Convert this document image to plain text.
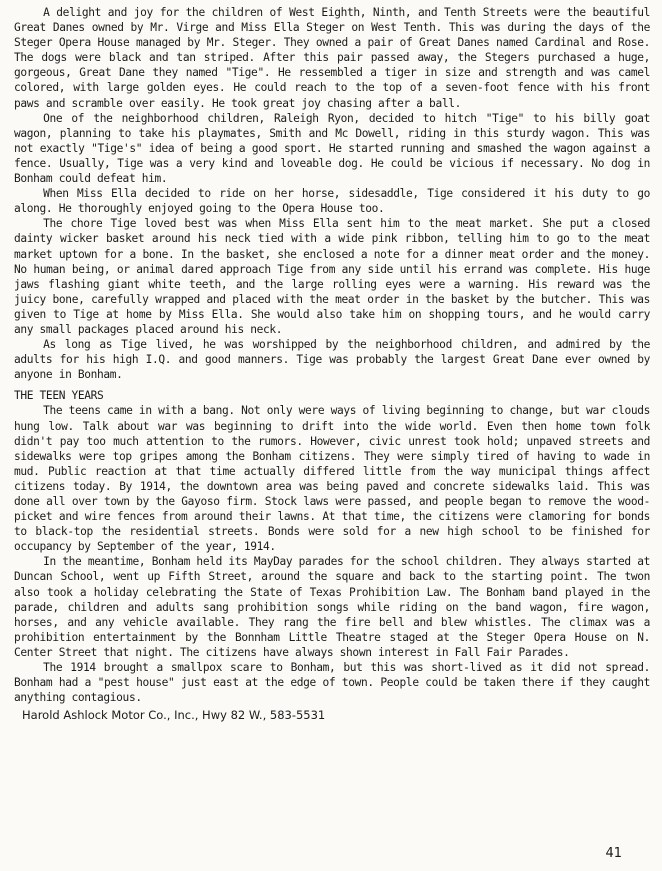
A delight and joy for the children of West Eighth, Ninth, and Tenth Streets were the beautiful Great Danes owned by Mr. Virge and Miss Ella Steger on West Tenth. This was during the days of the Steger Opera House managed by Mr. Steger. They owned a pair of Great Danes named Cardinal and Rose. The dogs were black and tan striped. After this pair passed away, the Stegers purchased a huge, gorgeous, Great Dane they named "Tige". He ressembled a tiger in size and strength and was camel colored, with large golden eyes. He could reach to the top of a seven-foot fence with his front paws and scramble over easily. He took great joy chasing after a ball.

One of the neighborhood children, Raleigh Ryon, decided to hitch "Tige" to his billy goat wagon, planning to take his playmates, Smith and Mc Dowell, riding in this sturdy wagon. This was not exactly "Tige's" idea of being a good sport. He started running and smashed the wagon against a fence. Usually, Tige was a very kind and loveable dog. He could be vicious if necessary. No dog in Bonham could defeat him.

When Miss Ella decided to ride on her horse, sidesaddle, Tige considered it his duty to go along. He thoroughly enjoyed going to the Opera House too.

The chore Tige loved best was when Miss Ella sent him to the meat market. She put a closed dainty wicker basket around his neck tied with a wide pink ribbon, telling him to go to the meat market uptown for a bone. In the basket, she enclosed a note for a dinner meat order and the money. No human being, or animal dared approach Tige from any side until his errand was complete. His huge jaws flashing giant white teeth, and the large rolling eyes were a warning. His reward was the juicy bone, carefully wrapped and placed with the meat order in the basket by the butcher. This was given to Tige at home by Miss Ella. She would also take him on shopping tours, and he would carry any small packages placed around his neck.

As long as Tige lived, he was worshipped by the neighborhood children, and admired by the adults for his high I.Q. and good manners. Tige was probably the largest Great Dane ever owned by anyone in Bonham.

THE TEEN YEARS

The teens came in with a bang. Not only were ways of living beginning to change, but war clouds hung low. Talk about war was beginning to drift into the wide world. Even then home town folk didn't pay too much attention to the rumors. However, civic unrest took hold; unpaved streets and sidewalks were top gripes among the Bonham citizens. They were simply tired of having to wade in mud. Public reaction at that time actually differed little from the way municipal things affect citizens today. By 1914, the downtown area was being paved and concrete sidewalks laid. This was done all over town by the Gayoso firm. Stock laws were passed, and people began to remove the wood-picket and wire fences from around their lawns. At that time, the citizens were clamoring for bonds to black-top the residential streets. Bonds were sold for a new high school to be finished for occupancy by September of the year, 1914.

In the meantime, Bonham held its MayDay parades for the school children. They always started at Duncan School, went up Fifth Street, around the square and back to the starting point. The twon also took a holiday celebrating the State of Texas Prohibition Law. The Bonham band played in the parade, children and adults sang prohibition songs while riding on the band wagon, fire wagon, horses, and any vehicle available. They rang the fire bell and blew whistles. The climax was a prohibition entertainment by the Bonnham Little Theatre staged at the Steger Opera House on N. Center Street that night. The citizens have always shown interest in Fall Fair Parades.

The 1914 brought a smallpox scare to Bonham, but this was short-lived as it did not spread. Bonham had a "pest house" just east at the edge of town. People could be taken there if they caught anything contagious.

Harold Ashlock Motor Co., Inc., Hwy 82 W., 583-5531

41
